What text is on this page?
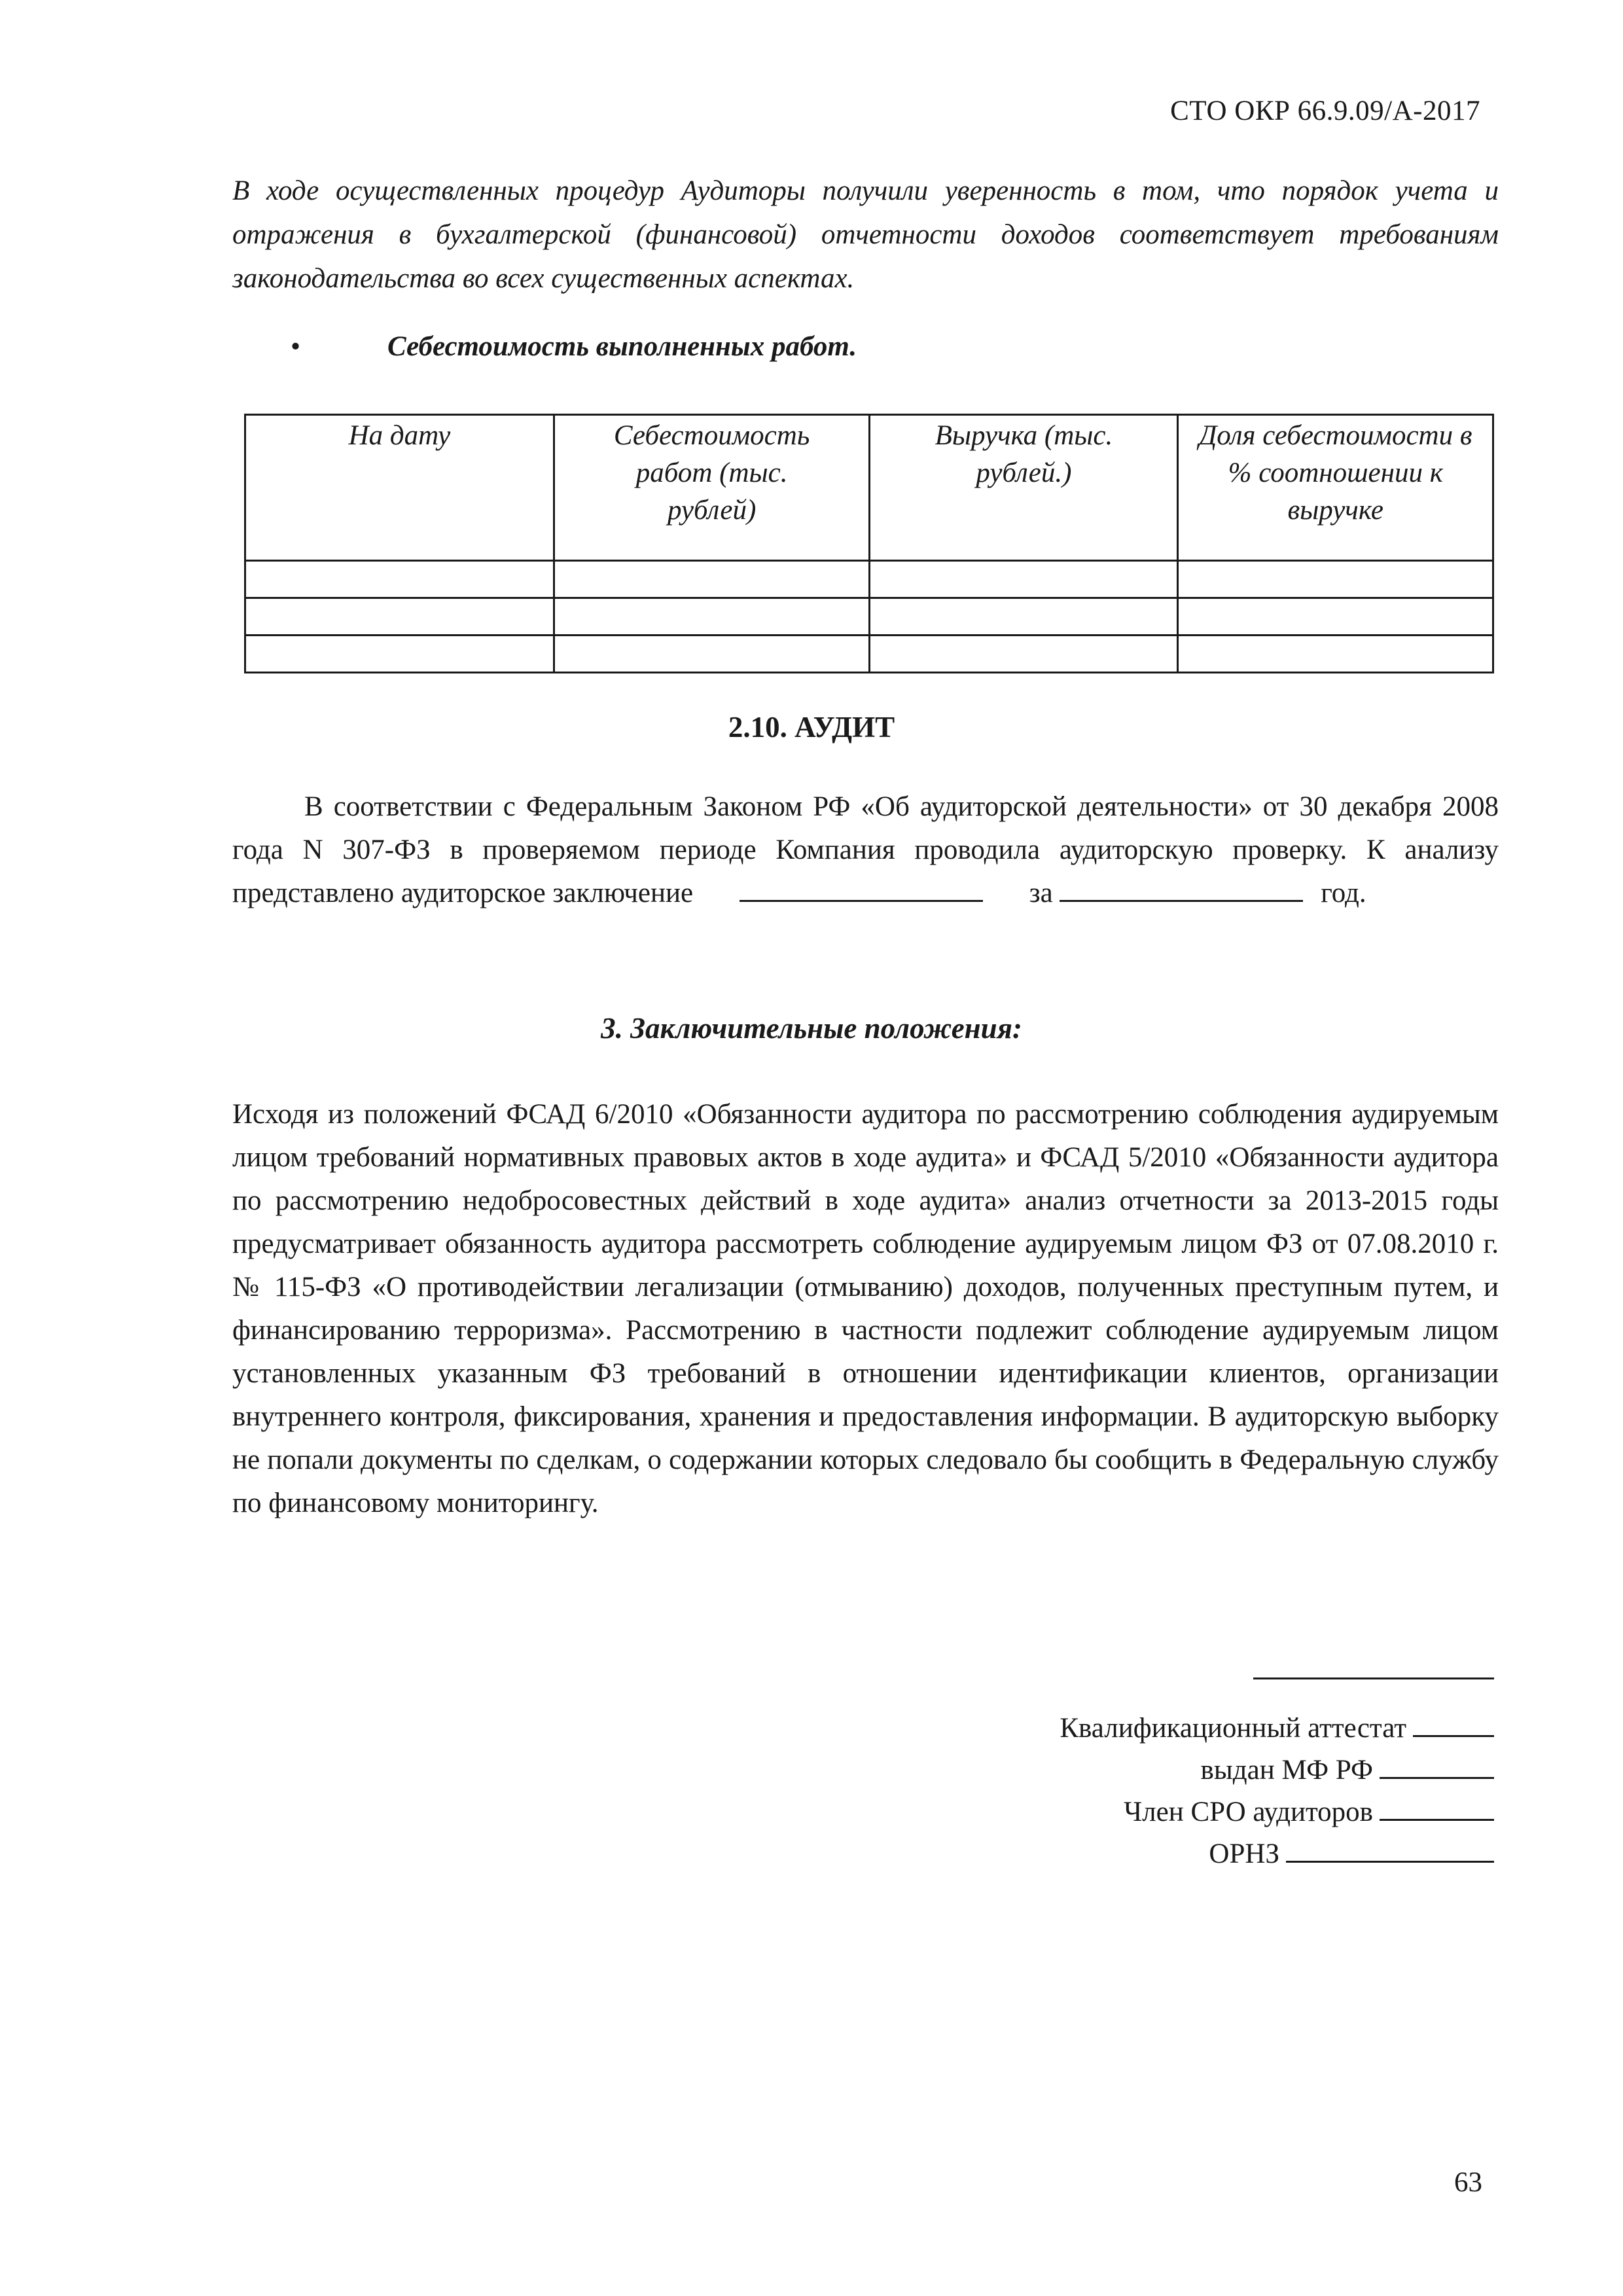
СТО ОКР 66.9.09/А-2017

В ходе осуществленных процедур Аудиторы получили уверенность в том, что порядок учета и отражения в бухгалтерской (финансовой) отчетности доходов соответствует требованиям законодательства во всех существенных аспектах.

•	Себестоимость выполненных работ.
На дату	Себестоимость работ (тыс. рублей)	Выручка (тыс. рублей.)	Доля себестоимости в % соотношении к выручке

2.10. АУДИТ

В соответствии с Федеральным Законом РФ «Об аудиторской деятельности» от 30 декабря 2008 года N 307-ФЗ в проверяемом периоде Компания проводила аудиторскую проверку. К анализу представлено аудиторское заключение	за	год.

3. Заключительные положения:

Исходя из положений ФСАД 6/2010 «Обязанности аудитора по рассмотрению соблюдения аудируемым лицом требований нормативных правовых актов в ходе аудита» и ФСАД 5/2010 «Обязанности аудитора по рассмотрению недобросовестных действий в ходе аудита» анализ отчетности за 2013-2015 годы предусматривает обязанность аудитора рассмотреть соблюдение аудируемым лицом ФЗ от 07.08.2010 г. № 115-ФЗ «О противодействии легализации (отмыванию) доходов, полученных преступным путем, и финансированию терроризма». Рассмотрению в частности подлежит соблюдение аудируемым лицом установленных указанным ФЗ требований в отношении идентификации клиентов, организации внутреннего контроля, фиксирования, хранения и предоставления информации. В аудиторскую выборку не попали документы по сделкам, о содержании которых следовало бы сообщить в Федеральную службу по финансовому мониторингу.

Квалификационный аттестат
выдан МФ РФ
Член СРО аудиторов
ОРНЗ
63
